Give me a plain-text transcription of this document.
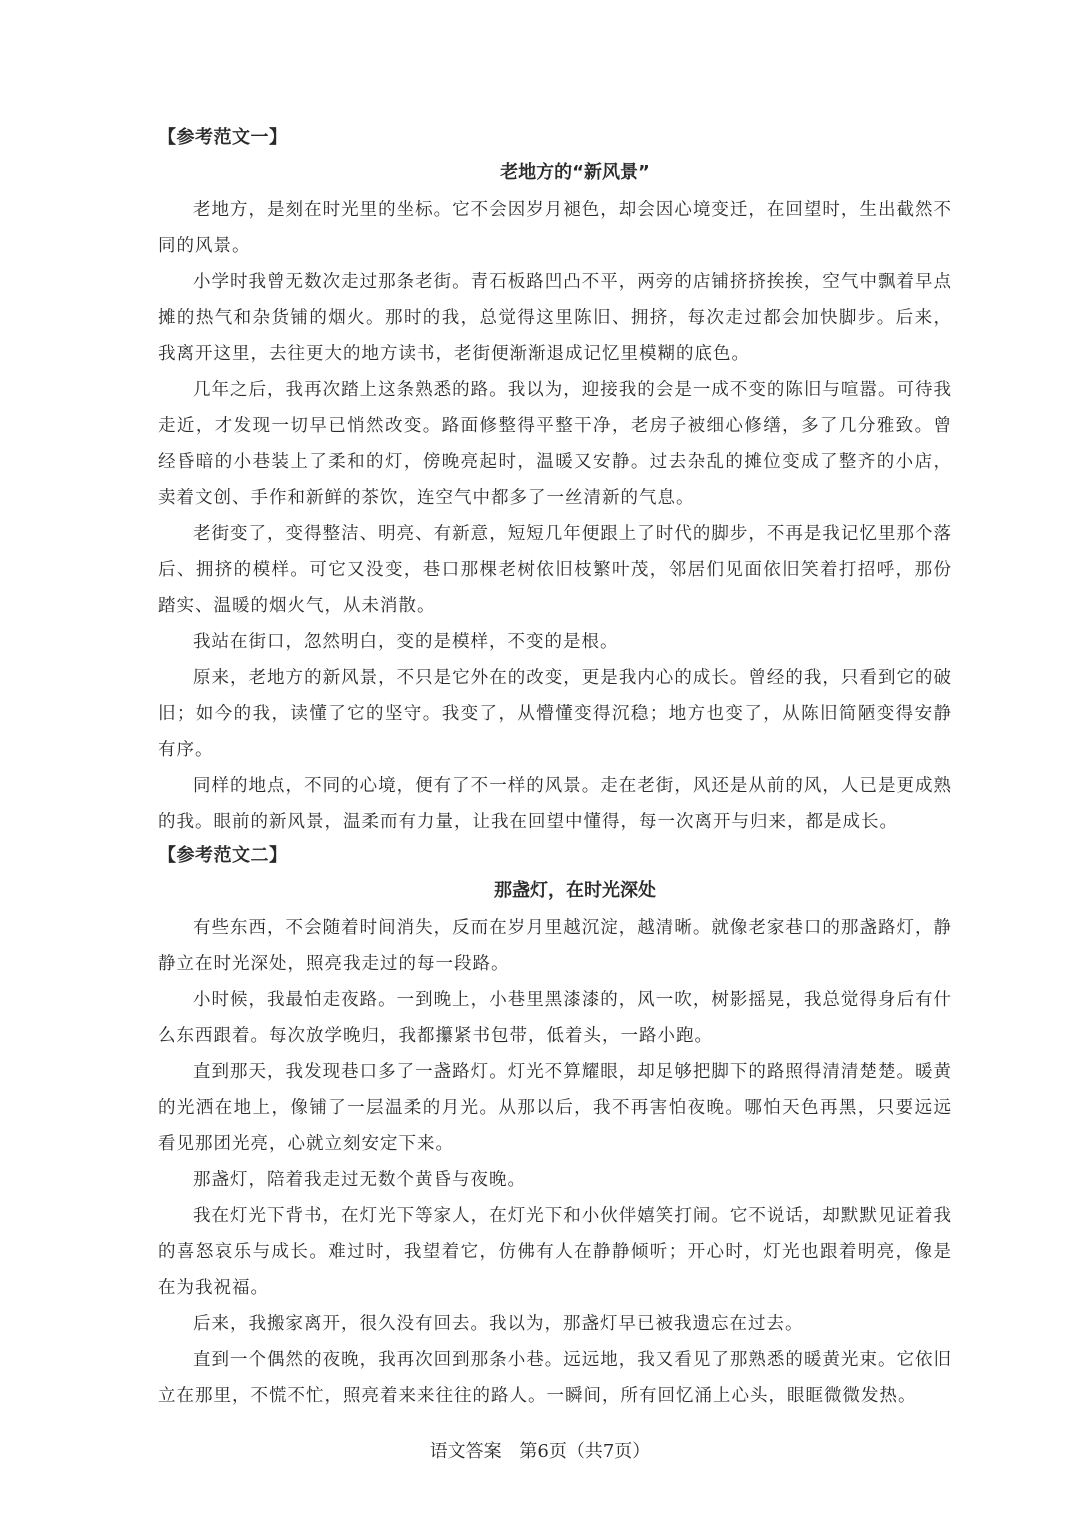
【参考范文一】

老地方的“新风景”

老地方，是刻在时光里的坐标。它不会因岁月褪色，却会因心境变迁，在回望时，生出截然不同的风景。

小学时我曾无数次走过那条老街。青石板路凹凸不平，两旁的店铺挤挤挨挨，空气中飘着早点摊的热气和杂货铺的烟火。那时的我，总觉得这里陈旧、拥挤，每次走过都会加快脚步。后来，我离开这里，去往更大的地方读书，老街便渐渐退成记忆里模糊的底色。

几年之后，我再次踏上这条熟悉的路。我以为，迎接我的会是一成不变的陈旧与喧嚣。可待我走近，才发现一切早已悄然改变。路面修整得平整干净，老房子被细心修缮，多了几分雅致。曾经昏暗的小巷装上了柔和的灯，傍晚亮起时，温暖又安静。过去杂乱的摊位变成了整齐的小店，卖着文创、手作和新鲜的茶饮，连空气中都多了一丝清新的气息。

老街变了，变得整洁、明亮、有新意，短短几年便跟上了时代的脚步，不再是我记忆里那个落后、拥挤的模样。可它又没变，巷口那棵老树依旧枝繁叶茂，邻居们见面依旧笑着打招呼，那份踏实、温暖的烟火气，从未消散。

我站在街口，忽然明白，变的是模样，不变的是根。

原来，老地方的新风景，不只是它外在的改变，更是我内心的成长。曾经的我，只看到它的破旧；如今的我，读懂了它的坚守。我变了，从懵懂变得沉稳；地方也变了，从陈旧简陋变得安静有序。

同样的地点，不同的心境，便有了不一样的风景。走在老街，风还是从前的风，人已是更成熟的我。眼前的新风景，温柔而有力量，让我在回望中懂得，每一次离开与归来，都是成长。

【参考范文二】

那盏灯，在时光深处

有些东西，不会随着时间消失，反而在岁月里越沉淀，越清晰。就像老家巷口的那盏路灯，静静立在时光深处，照亮我走过的每一段路。

小时候，我最怕走夜路。一到晚上，小巷里黑漆漆的，风一吹，树影摇晃，我总觉得身后有什么东西跟着。每次放学晚归，我都攥紧书包带，低着头，一路小跑。

直到那天，我发现巷口多了一盏路灯。灯光不算耀眼，却足够把脚下的路照得清清楚楚。暖黄的光洒在地上，像铺了一层温柔的月光。从那以后，我不再害怕夜晚。哪怕天色再黑，只要远远看见那团光亮，心就立刻安定下来。

那盏灯，陪着我走过无数个黄昏与夜晚。

我在灯光下背书，在灯光下等家人，在灯光下和小伙伴嬉笑打闹。它不说话，却默默见证着我的喜怒哀乐与成长。难过时，我望着它，仿佛有人在静静倾听；开心时，灯光也跟着明亮，像是在为我祝福。

后来，我搬家离开，很久没有回去。我以为，那盏灯早已被我遗忘在过去。

直到一个偶然的夜晚，我再次回到那条小巷。远远地，我又看见了那熟悉的暖黄光束。它依旧立在那里，不慌不忙，照亮着来来往往的路人。一瞬间，所有回忆涌上心头，眼眶微微发热。

语文答案 第6页（共7页）
